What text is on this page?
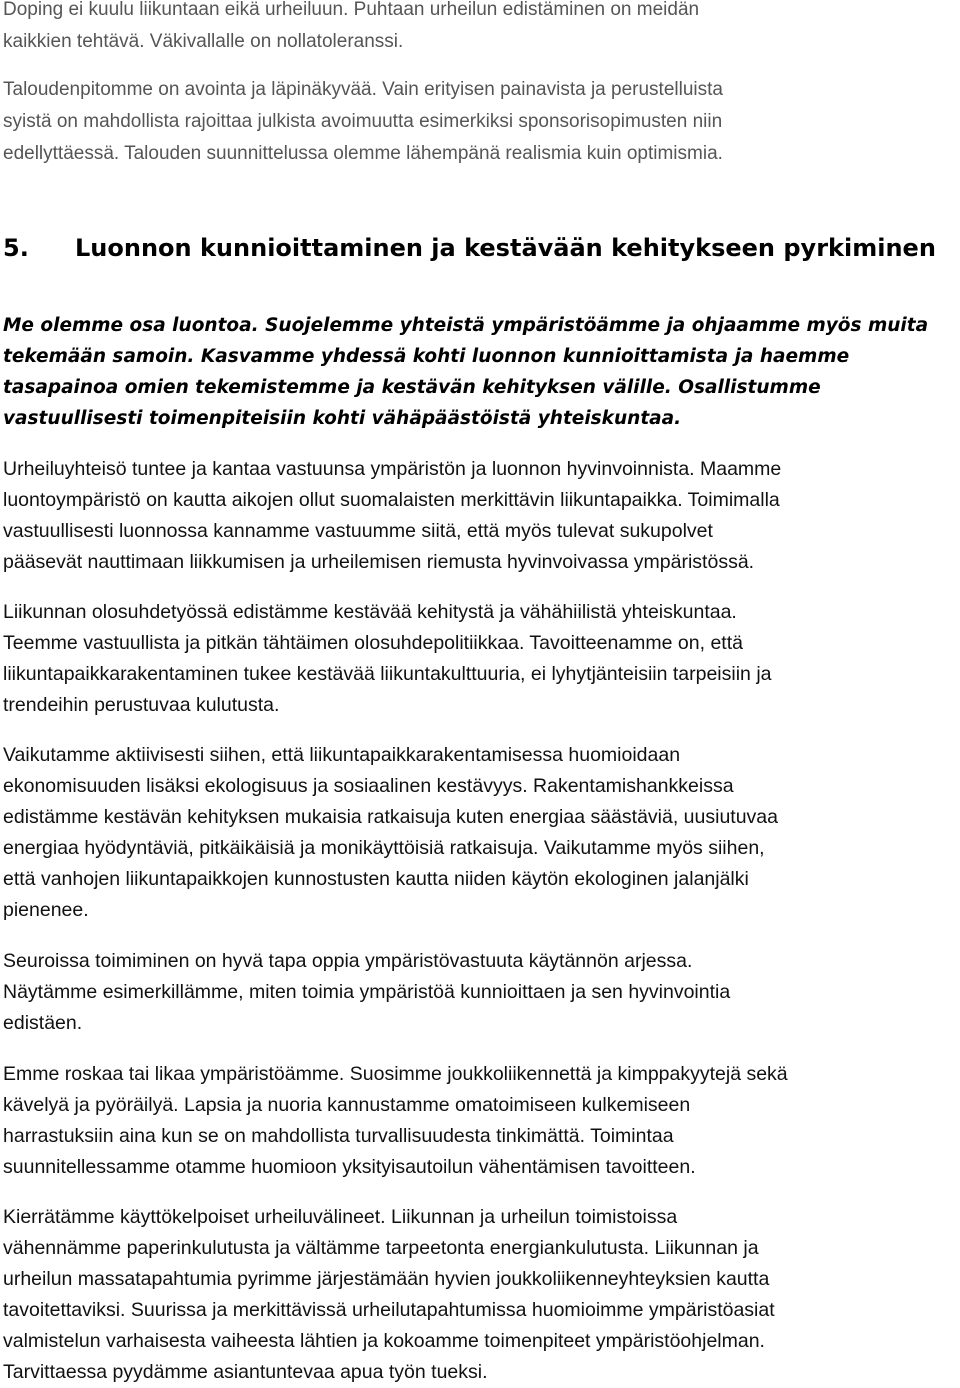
Doping ei kuulu liikuntaan eikä urheiluun. Puhtaan urheilun edistäminen on meidän
kaikkien tehtävä. Väkivallalle on nollatoleranssi.

Taloudenpitomme on avointa ja läpinäkyvää. Vain erityisen painavista ja perustelluista
syistä on mahdollista rajoittaa julkista avoimuutta esimerkiksi sponsorisopimusten niin
edellyttäessä. Talouden suunnittelussa olemme lähempänä realismia kuin optimismia.

5. Luonnon kunnioittaminen ja kestävään kehitykseen pyrkiminen

Me olemme osa luontoa. Suojelemme yhteistä ympäristöämme ja ohjaamme myös muita
tekemään samoin. Kasvamme yhdessä kohti luonnon kunnioittamista ja haemme
tasapainoa omien tekemistemme ja kestävän kehityksen välille. Osallistumme
vastuullisesti toimenpiteisiin kohti vähäpäästöistä yhteiskuntaa.

Urheiluyhteisö tuntee ja kantaa vastuunsa ympäristön ja luonnon hyvinvoinnista. Maamme
luontoympäristö on kautta aikojen ollut suomalaisten merkittävin liikuntapaikka. Toimimalla
vastuullisesti luonnossa kannamme vastuumme siitä, että myös tulevat sukupolvet
pääsevät nauttimaan liikkumisen ja urheilemisen riemusta hyvinvoivassa ympäristössä.

Liikunnan olosuhdetyössä edistämme kestävää kehitystä ja vähähiilistä yhteiskuntaa.
Teemme vastuullista ja pitkän tähtäimen olosuhdepolitiikkaa. Tavoitteenamme on, että
liikuntapaikkarakentaminen tukee kestävää liikuntakulttuuria, ei lyhytjänteisiin tarpeisiin ja
trendeihin perustuvaa kulutusta.

Vaikutamme aktiivisesti siihen, että liikuntapaikkarakentamisessa huomioidaan
ekonomisuuden lisäksi ekologisuus ja sosiaalinen kestävyys. Rakentamishankkeissa
edistämme kestävän kehityksen mukaisia ratkaisuja kuten energiaa säästäviä, uusiutuvaa
energiaa hyödyntäviä, pitkäikäisiä ja monikäyttöisiä ratkaisuja. Vaikutamme myös siihen,
että vanhojen liikuntapaikkojen kunnostusten kautta niiden käytön ekologinen jalanjälki
pienenee.

Seuroissa toimiminen on hyvä tapa oppia ympäristövastuuta käytännön arjessa.
Näytämme esimerkillämme, miten toimia ympäristöä kunnioittaen ja sen hyvinvointia
edistäen.

Emme roskaa tai likaa ympäristöämme. Suosimme joukkoliikennettä ja kimppakyytejä sekä
kävelyä ja pyöräilyä. Lapsia ja nuoria kannustamme omatoimiseen kulkemiseen
harrastuksiin aina kun se on mahdollista turvallisuudesta tinkimättä. Toimintaa
suunnitellessamme otamme huomioon yksityisautoilun vähentämisen tavoitteen.

Kierrätämme käyttökelpoiset urheiluvälineet. Liikunnan ja urheilun toimistoissa
vähennämme paperinkulutusta ja vältämme tarpeetonta energiankulutusta. Liikunnan ja
urheilun massatapahtumia pyrimme järjestämään hyvien joukkoliikenneyhteyksien kautta
tavoitettaviksi. Suurissa ja merkittävissä urheilutapahtumissa huomioimme ympäristöasiat
valmistelun varhaisesta vaiheesta lähtien ja kokoamme toimenpiteet ympäristöohjelman.
Tarvittaessa pyydämme asiantuntevaa apua työn tueksi.
